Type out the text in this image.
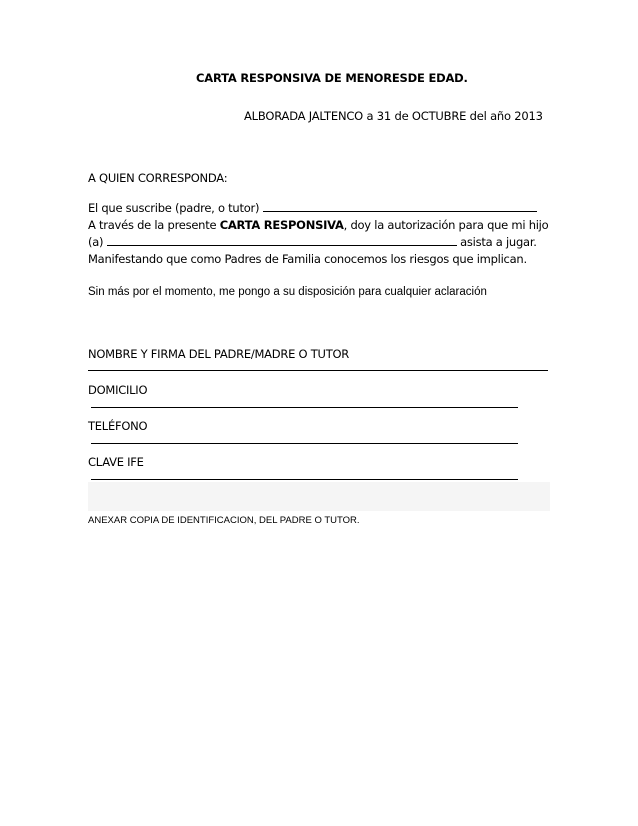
CARTA RESPONSIVA DE MENORESDE EDAD.
ALBORADA JALTENCO a 31 de OCTUBRE del año 2013
A QUIEN CORRESPONDA:
El que suscribe (padre, o tutor)
A través de la presente CARTA RESPONSIVA, doy la autorización para que mi hijo
(a)	asista a jugar.
Manifestando que como Padres de Familia conocemos los riesgos que implican.
Sin más por el momento, me pongo a su disposición para cualquier aclaración
NOMBRE Y FIRMA DEL PADRE/MADRE O TUTOR
DOMICILIO
TELÉFONO
CLAVE IFE
ANEXAR COPIA DE IDENTIFICACION, DEL PADRE O TUTOR.
